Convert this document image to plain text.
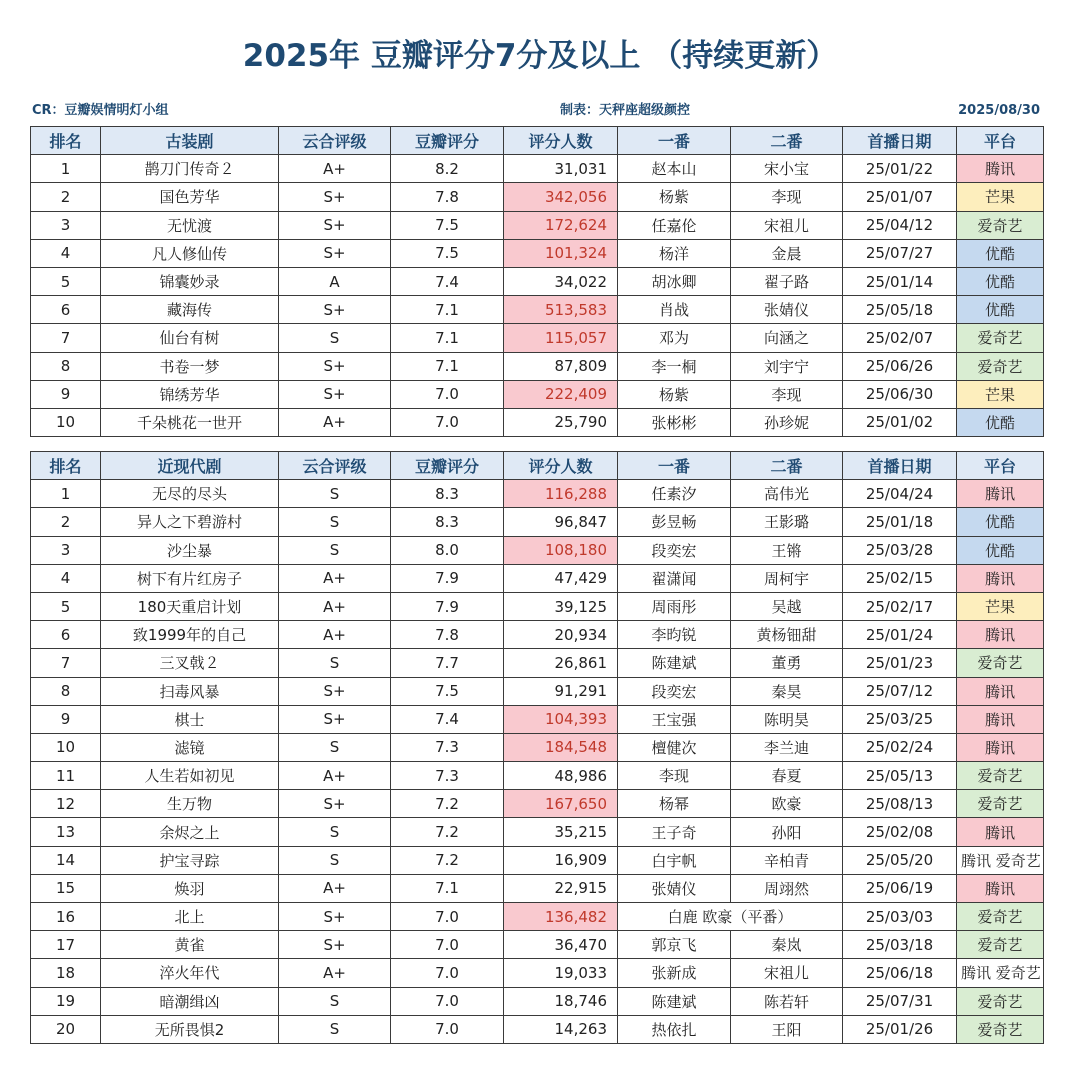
2025年 豆瓣评分7分及以上 （持续更新）
CR：豆瓣娱情明灯小组	制表：天秤座超级颜控	2025/08/30
排名	古装剧	云合评级	豆瓣评分	评分人数	一番	二番	首播日期	平台
1	鹊刀门传奇２	A+	8.2	31,031	赵本山	宋小宝	25/01/22	腾讯
2	国色芳华	S+	7.8	342,056	杨紫	李现	25/01/07	芒果
3	无忧渡	S+	7.5	172,624	任嘉伦	宋祖儿	25/04/12	爱奇艺
4	凡人修仙传	S+	7.5	101,324	杨洋	金晨	25/07/27	优酷
5	锦囊妙录	A	7.4	34,022	胡冰卿	翟子路	25/01/14	优酷
6	藏海传	S+	7.1	513,583	肖战	张婧仪	25/05/18	优酷
7	仙台有树	S	7.1	115,057	邓为	向涵之	25/02/07	爱奇艺
8	书卷一梦	S+	7.1	87,809	李一桐	刘宇宁	25/06/26	爱奇艺
9	锦绣芳华	S+	7.0	222,409	杨紫	李现	25/06/30	芒果
10	千朵桃花一世开	A+	7.0	25,790	张彬彬	孙珍妮	25/01/02	优酷
排名	近现代剧	云合评级	豆瓣评分	评分人数	一番	二番	首播日期	平台
1	无尽的尽头	S	8.3	116,288	任素汐	高伟光	25/04/24	腾讯
2	异人之下碧游村	S	8.3	96,847	彭昱畅	王影璐	25/01/18	优酷
3	沙尘暴	S	8.0	108,180	段奕宏	王锵	25/03/28	优酷
4	树下有片红房子	A+	7.9	47,429	翟潇闻	周柯宇	25/02/15	腾讯
5	180天重启计划	A+	7.9	39,125	周雨彤	吴越	25/02/17	芒果
6	致1999年的自己	A+	7.8	20,934	李昀锐	黄杨钿甜	25/01/24	腾讯
7	三叉戟２	S	7.7	26,861	陈建斌	董勇	25/01/23	爱奇艺
8	扫毒风暴	S+	7.5	91,291	段奕宏	秦昊	25/07/12	腾讯
9	棋士	S+	7.4	104,393	王宝强	陈明昊	25/03/25	腾讯
10	滤镜	S	7.3	184,548	檀健次	李兰迪	25/02/24	腾讯
11	人生若如初见	A+	7.3	48,986	李现	春夏	25/05/13	爱奇艺
12	生万物	S+	7.2	167,650	杨幂	欧豪	25/08/13	爱奇艺
13	余烬之上	S	7.2	35,215	王子奇	孙阳	25/02/08	腾讯
14	护宝寻踪	S	7.2	16,909	白宇帆	辛柏青	25/05/20	腾讯 爱奇艺
15	焕羽	A+	7.1	22,915	张婧仪	周翊然	25/06/19	腾讯
16	北上	S+	7.0	136,482	白鹿 欧豪（平番）		25/03/03	爱奇艺
17	黄雀	S+	7.0	36,470	郭京飞	秦岚	25/03/18	爱奇艺
18	淬火年代	A+	7.0	19,033	张新成	宋祖儿	25/06/18	腾讯 爱奇艺
19	暗潮缉凶	S	7.0	18,746	陈建斌	陈若轩	25/07/31	爱奇艺
20	无所畏惧2	S	7.0	14,263	热依扎	王阳	25/01/26	爱奇艺
